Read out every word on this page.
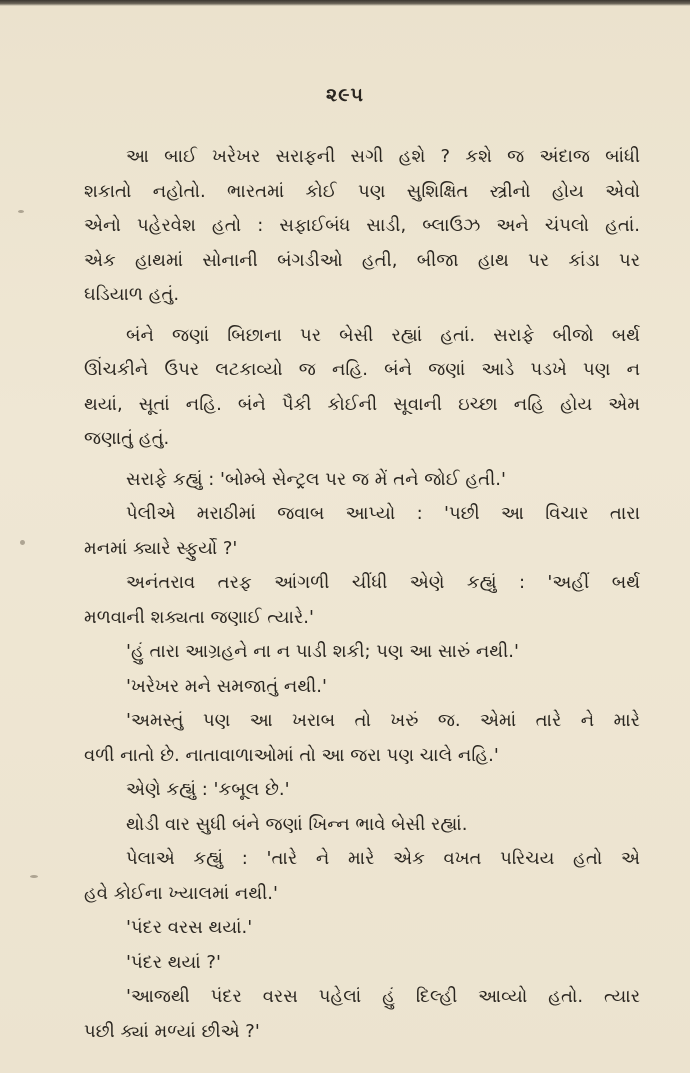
૨૯૫
આ બાઈ ખરેખર સરાફની સગી હશે ? કશે જ અંદાજ બાંધી
શકાતો નહોતો. ભારતમાં કોઈ પણ સુશિક્ષિત સ્ત્રીનો હોય એવો
એનો પહેરવેશ હતો : સફાઈબંધ સાડી, બ્લાઉઝ અને ચંપલો હતાં.
એક હાથમાં સોનાની બંગડીઓ હતી, બીજા હાથ પર કાંડા પર
ઘડિયાળ હતું.
બંને જણાં બિછાના પર બેસી રહ્યાં હતાં. સરાફે બીજો બર્થ
ઊંચકીને ઉપર લટકાવ્યો જ નહિ. બંને જણાં આડે પડખે પણ ન
થયાં, સૂતાં નહિ. બંને પૈકી કોઈની સૂવાની ઇચ્છા નહિ હોય એમ
જણાતું હતું.
સરાફે કહ્યું : 'બોમ્બે સેન્ટ્રલ પર જ મેં તને જોઈ હતી.'
પેલીએ મરાઠીમાં જવાબ આપ્યો : 'પછી આ વિચાર તારા
મનમાં ક્યારે સ્ફુર્યો ?'
અનંતરાવ તરફ આંગળી ચીંધી એણે કહ્યું : 'અહીં બર્થ
મળવાની શક્યતા જણાઈ ત્યારે.'
'હું તારા આગ્રહને ના ન પાડી શકી; પણ આ સારું નથી.'
'ખરેખર મને સમજાતું નથી.'
'અમસ્તું પણ આ ખરાબ તો ખરું જ. એમાં તારે ને મારે
વળી નાતો છે. નાતાવાળાઓમાં તો આ જરા પણ ચાલે નહિ.'
એણે કહ્યું : 'કબૂલ છે.'
થોડી વાર સુધી બંને જણાં ખિન્ન ભાવે બેસી રહ્યાં.
પેલાએ કહ્યું : 'તારે ને મારે એક વખત પરિચય હતો એ
હવે કોઈના ખ્યાલમાં નથી.'
'પંદર વરસ થયાં.'
'પંદર થયાં ?'
'આજથી પંદર વરસ પહેલાં હું દિલ્હી આવ્યો હતો. ત્યાર
પછી ક્યાં મળ્યાં છીએ ?'
